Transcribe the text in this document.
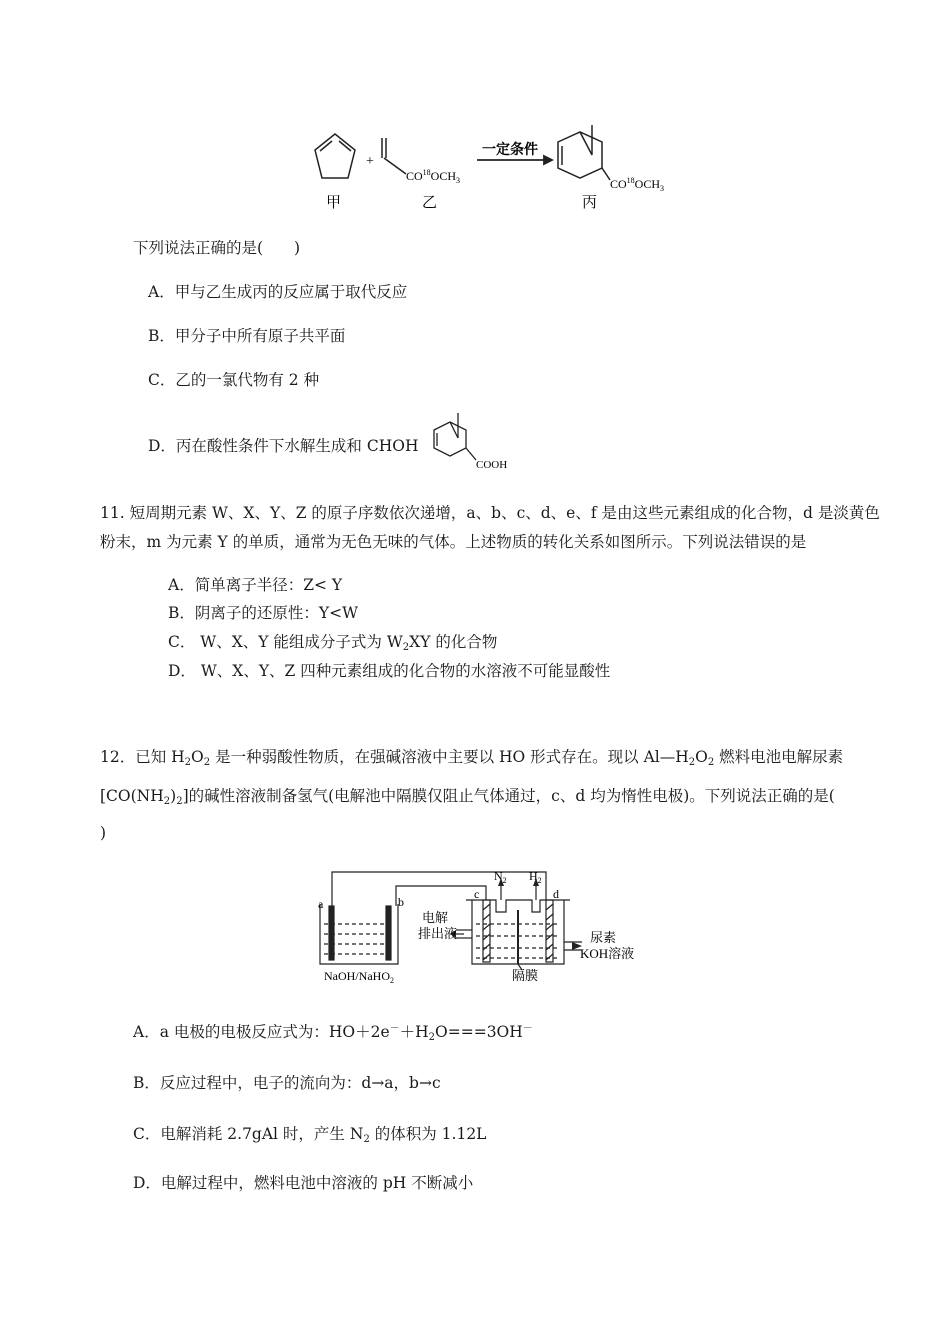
+
$CO^{18}OCH_3$
一定条件
$CO^{18}OCH_3$
甲	乙	丙
下列说法正确的是(　　)
A．甲与乙生成丙的反应属于取代反应
B．甲分子中所有原子共平面
C．乙的一氯代物有 2 种
D．丙在酸性条件下水解生成和 CHOH
COOH
11. 短周期元素 W、X、Y、Z 的原子序数依次递增，a、b、c、d、e、f 是由这些元素组成的化合物，d 是淡黄色
粉末，m 为元素 Y 的单质，通常为无色无味的气体。上述物质的转化关系如图所示。下列说法错误的是
A．简单离子半径：Z< Y
B．阴离子的还原性：Y<W
C． W、X、Y 能组成分子式为 $W_2XY$ 的化合物
D． W、X、Y、Z 四种元素组成的化合物的水溶液不可能显酸性
12．已知 $H_2O_2$ 是一种弱酸性物质，在强碱溶液中主要以 HO 形式存在。现以 $Al—H_2O_2$ 燃料电池电解尿素
$[CO(NH_2)_2]$的碱性溶液制备氢气(电解池中隔膜仅阻止气体通过，c、d 均为惰性电极)。下列说法正确的是(
)
a	b
c	d
$N_2$ $H_2$
电解
排出液	尿素
KOH溶液
隔膜
NaOH/NaHO$_2$
A．a 电极的电极反应式为：$HO+2e^-+H_2O===3OH^-$
B．反应过程中，电子的流向为：d→a，b→c
C．电解消耗 2.7gAl 时，产生 $N_2$ 的体积为 1.12L
D．电解过程中，燃料电池中溶液的 pH 不断减小
